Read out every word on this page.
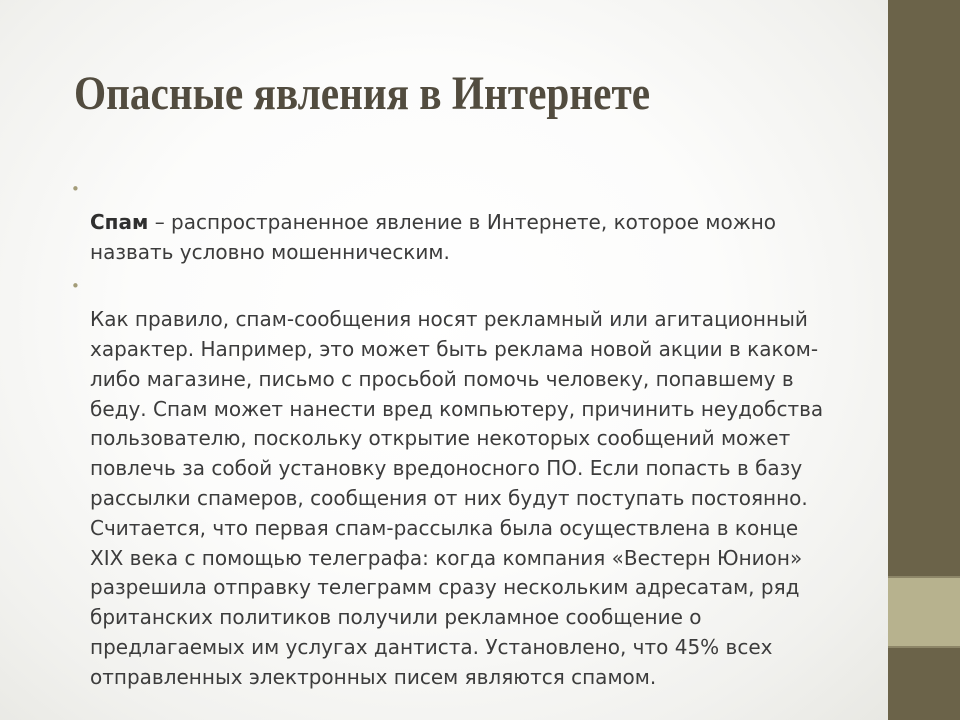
Опасные явления в Интернете

•
Спам – распространенное явление в Интернете, которое можно
назвать условно мошенническим.

•
Как правило, спам-сообщения носят рекламный или агитационный
характер. Например, это может быть реклама новой акции в каком-
либо магазине, письмо с просьбой помочь человеку, попавшему в
беду. Спам может нанести вред компьютеру, причинить неудобства
пользователю, поскольку открытие некоторых сообщений может
повлечь за собой установку вредоносного ПО. Если попасть в базу
рассылки спамеров, сообщения от них будут поступать постоянно.
Считается, что первая спам-рассылка была осуществлена в конце
XIX века с помощью телеграфа: когда компания «Вестерн Юнион»
разрешила отправку телеграмм сразу нескольким адресатам, ряд
британских политиков получили рекламное сообщение о
предлагаемых им услугах дантиста. Установлено, что 45% всех
отправленных электронных писем являются спамом.
